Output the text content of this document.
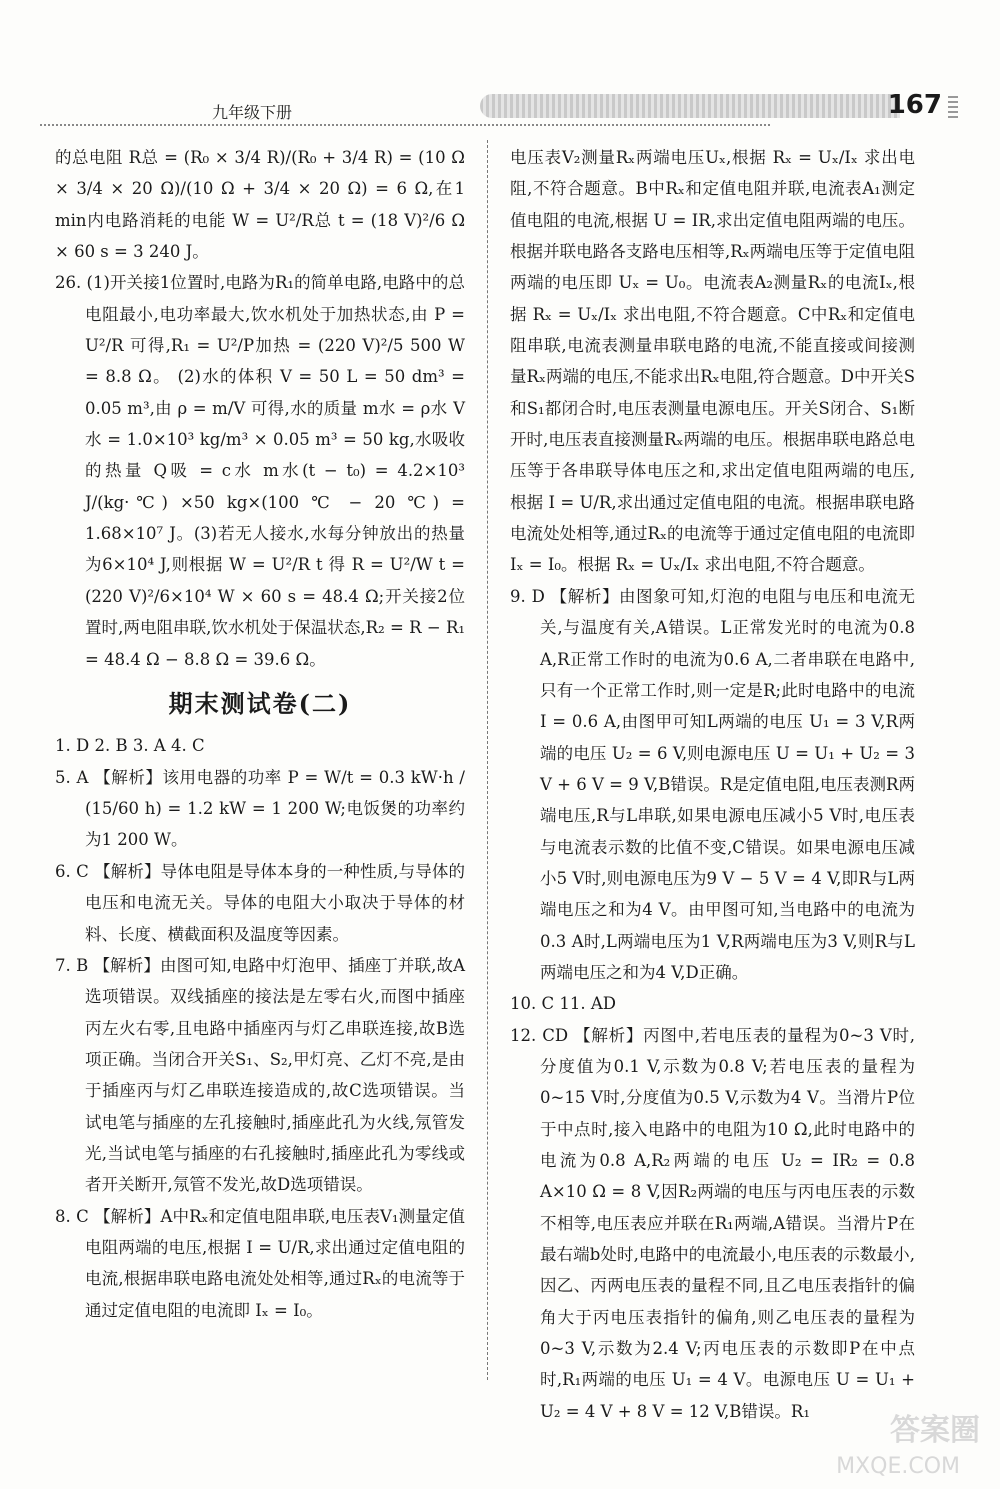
九年级下册	167

的总电阻 R总 = (R₀ × 3/4 R)/(R₀ + 3/4 R) = (10 Ω × 3/4 × 20 Ω)/(10 Ω + 3/4 × 20 Ω) = 6 Ω,在1 min内电路消耗的电能 W = U²/R总 t = (18 V)²/6 Ω × 60 s = 3 240 J。

26. (1)开关接1位置时,电路为R₁的简单电路,电路中的总电阻最小,电功率最大,饮水机处于加热状态,由 P = U²/R 可得,R₁ = U²/P加热 = (220 V)²/5 500 W = 8.8 Ω。 (2)水的体积 V = 50 L = 50 dm³ = 0.05 m³,由 ρ = m/V 可得,水的质量 m水 = ρ水 V水 = 1.0×10³ kg/m³ × 0.05 m³ = 50 kg,水吸收的热量 Q吸 = c水 m水(t − t₀) = 4.2×10³ J/(kg·℃) ×50 kg×(100 ℃ − 20 ℃) = 1.68×10⁷ J。(3)若无人接水,水每分钟放出的热量为6×10⁴ J,则根据 W = U²/R t 得 R = U²/W t = (220 V)²/6×10⁴ W × 60 s = 48.4 Ω;开关接2位置时,两电阻串联,饮水机处于保温状态,R₂ = R − R₁ = 48.4 Ω − 8.8 Ω = 39.6 Ω。

期末测试卷(二)

1. D 2. B 3. A 4. C

5. A 【解析】该用电器的功率 P = W/t = 0.3 kW·h / (15/60 h) = 1.2 kW = 1 200 W;电饭煲的功率约为1 200 W。

6. C 【解析】导体电阻是导体本身的一种性质,与导体的电压和电流无关。导体的电阻大小取决于导体的材料、长度、横截面积及温度等因素。

7. B 【解析】由图可知,电路中灯泡甲、插座丁并联,故A选项错误。双线插座的接法是左零右火,而图中插座丙左火右零,且电路中插座丙与灯乙串联连接,故B选项正确。当闭合开关S₁、S₂,甲灯亮、乙灯不亮,是由于插座丙与灯乙串联连接造成的,故C选项错误。当试电笔与插座的左孔接触时,插座此孔为火线,氖管发光,当试电笔与插座的右孔接触时,插座此孔为零线或者开关断开,氖管不发光,故D选项错误。

8. C 【解析】A中Rₓ和定值电阻串联,电压表V₁测量定值电阻两端的电压,根据 I = U/R,求出通过定值电阻的电流,根据串联电路电流处处相等,通过Rₓ的电流等于通过定值电阻的电流即 Iₓ = I₀。

电压表V₂测量Rₓ两端电压Uₓ,根据 Rₓ = Uₓ/Iₓ 求出电阻,不符合题意。B中Rₓ和定值电阻并联,电流表A₁测定值电阻的电流,根据 U = IR,求出定值电阻两端的电压。根据并联电路各支路电压相等,Rₓ两端电压等于定值电阻两端的电压即 Uₓ = U₀。电流表A₂测量Rₓ的电流Iₓ,根据 Rₓ = Uₓ/Iₓ 求出电阻,不符合题意。C中Rₓ和定值电阻串联,电流表测量串联电路的电流,不能直接或间接测量Rₓ两端的电压,不能求出Rₓ电阻,符合题意。D中开关S和S₁都闭合时,电压表测量电源电压。开关S闭合、S₁断开时,电压表直接测量Rₓ两端的电压。根据串联电路总电压等于各串联导体电压之和,求出定值电阻两端的电压,根据 I = U/R,求出通过定值电阻的电流。根据串联电路电流处处相等,通过Rₓ的电流等于通过定值电阻的电流即 Iₓ = I₀。根据 Rₓ = Uₓ/Iₓ 求出电阻,不符合题意。

9. D 【解析】由图象可知,灯泡的电阻与电压和电流无关,与温度有关,A错误。L正常发光时的电流为0.8 A,R正常工作时的电流为0.6 A,二者串联在电路中,只有一个正常工作时,则一定是R;此时电路中的电流 I = 0.6 A,由图甲可知L两端的电压 U₁ = 3 V,R两端的电压 U₂ = 6 V,则电源电压 U = U₁ + U₂ = 3 V + 6 V = 9 V,B错误。R是定值电阻,电压表测R两端电压,R与L串联,如果电源电压减小5 V时,电压表与电流表示数的比值不变,C错误。如果电源电压减小5 V时,则电源电压为9 V − 5 V = 4 V,即R与L两端电压之和为4 V。由甲图可知,当电路中的电流为0.3 A时,L两端电压为1 V,R两端电压为3 V,则R与L两端电压之和为4 V,D正确。

10. C 11. AD

12. CD 【解析】丙图中,若电压表的量程为0~3 V时,分度值为0.1 V,示数为0.8 V;若电压表的量程为0~15 V时,分度值为0.5 V,示数为4 V。当滑片P位于中点时,接入电路中的电阻为10 Ω,此时电路中的电流为0.8 A,R₂两端的电压 U₂ = IR₂ = 0.8 A×10 Ω = 8 V,因R₂两端的电压与丙电压表的示数不相等,电压表应并联在R₁两端,A错误。当滑片P在最右端b处时,电路中的电流最小,电压表的示数最小,因乙、丙两电压表的量程不同,且乙电压表指针的偏角大于丙电压表指针的偏角,则乙电压表的量程为0~3 V,示数为2.4 V;丙电压表的示数即P在中点时,R₁两端的电压 U₁ = 4 V。电源电压 U = U₁ + U₂ = 4 V + 8 V = 12 V,B错误。R₁

答案圈
MXQE.COM
